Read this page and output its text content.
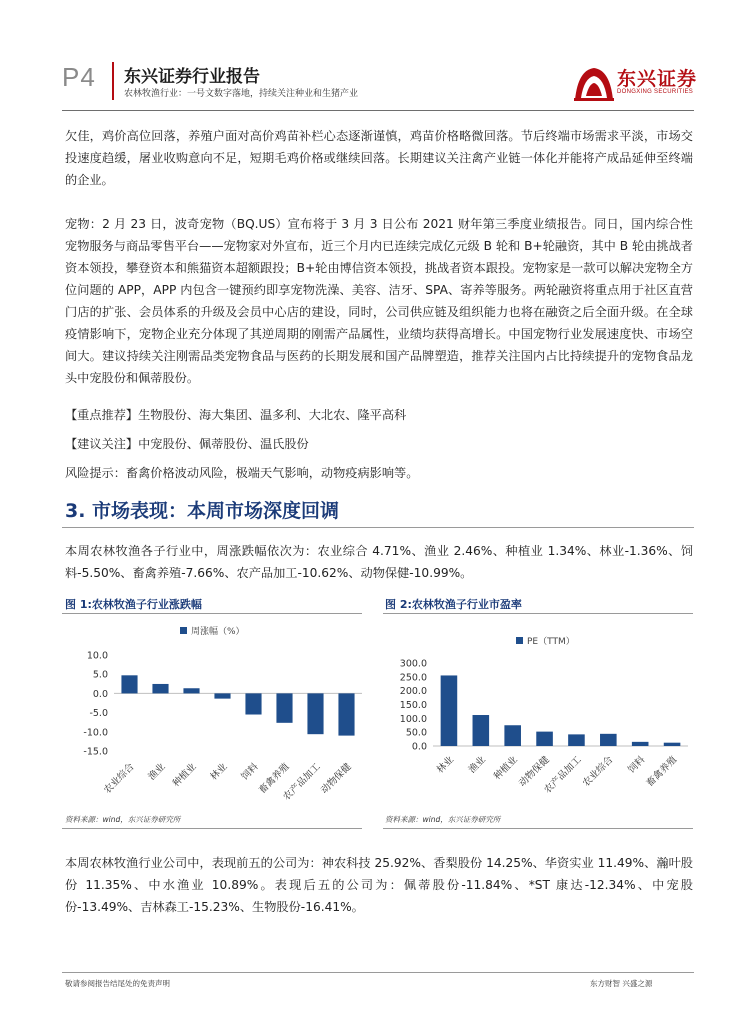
P4 东兴证券行业报告
农林牧渔行业：一号文数字落地，持续关注种业和生猪产业
东兴证券
DONGXING SECURITIES

欠佳，鸡价高位回落，养殖户面对高价鸡苗补栏心态逐渐谨慎，鸡苗价格略微回落。节后终端市场需求平淡，市场交投速度趋缓，屠业收购意向不足，短期毛鸡价格或继续回落。长期建议关注禽产业链一体化并能将产成品延伸至终端的企业。

宠物：2 月 23 日，波奇宠物（BQ.US）宣布将于 3 月 3 日公布 2021 财年第三季度业绩报告。同日，国内综合性宠物服务与商品零售平台——宠物家对外宣布，近三个月内已连续完成亿元级 B 轮和 B+轮融资，其中 B 轮由挑战者资本领投，攀登资本和熊猫资本超额跟投；B+轮由博信资本领投，挑战者资本跟投。宠物家是一款可以解决宠物全方位问题的 APP，APP 内包含一键预约即享宠物洗澡、美容、洁牙、SPA、寄养等服务。两轮融资将重点用于社区直营门店的扩张、会员体系的升级及会员中心店的建设，同时，公司供应链及组织能力也将在融资之后全面升级。在全球疫情影响下，宠物企业充分体现了其逆周期的刚需产品属性，业绩均获得高增长。中国宠物行业发展速度快、市场空间大。建议持续关注刚需品类宠物食品与医药的长期发展和国产品牌塑造，推荐关注国内占比持续提升的宠物食品龙头中宠股份和佩蒂股份。

【重点推荐】生物股份、海大集团、温多利、大北农、隆平高科

【建议关注】中宠股份、佩蒂股份、温氏股份

风险提示：畜禽价格波动风险，极端天气影响，动物疫病影响等。

3. 市场表现：本周市场深度回调

本周农林牧渔各子行业中，周涨跌幅依次为：农业综合 4.71%、渔业 2.46%、种植业 1.34%、林业-1.36%、饲料-5.50%、畜禽养殖-7.66%、农产品加工-10.62%、动物保健-10.99%。

图 1:农林牧渔子行业涨跌幅	图 2:农林牧渔子行业市盈率
周涨幅（%）
10.0
5.0
0.0
-5.0
-10.0
-15.0
农业综合 渔业 种植业 林业 饲料
畜禽养殖
农产品加工
动物保健
PE（TTM）
300.0
250.0
200.0
150.0
100.0
50.0
0.0
林业 渔业 种植业
动物保健
农产品加工
农业综合 饲料
畜禽养殖
资料来源：wind，东兴证券研究所	资料来源：wind，东兴证券研究所

本周农林牧渔行业公司中，表现前五的公司为：神农科技 25.92%、香梨股份 14.25%、华资实业 11.49%、瀚叶股份 11.35%、中水渔业 10.89%。表现后五的公司为：佩蒂股份-11.84%、*ST 康达-12.34%、中宠股份-13.49%、吉林森工-15.23%、生物股份-16.41%。

敬请参阅报告结尾处的免责声明	东方财智 兴盛之源
